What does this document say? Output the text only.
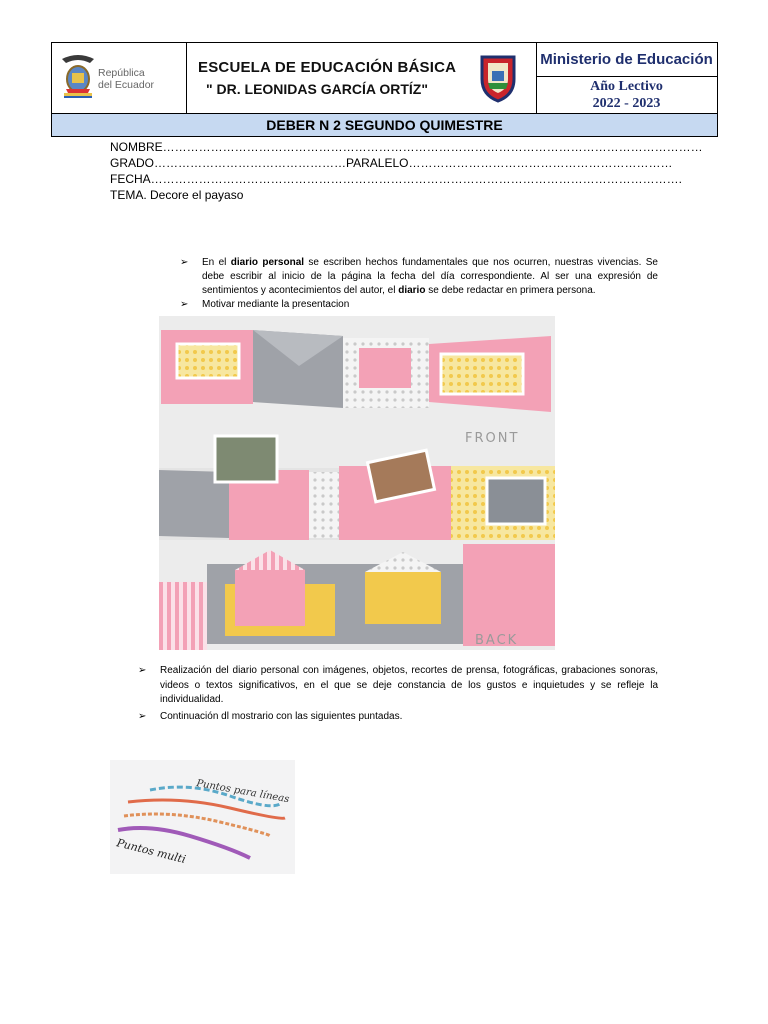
República
del Ecuador
ESCUELA DE EDUCACIÓN BÁSICA
" DR. LEONIDAS GARCÍA ORTÍZ"
Ministerio de Educación
Año Lectivo
2022 - 2023
DEBER N 2 SEGUNDO QUIMESTRE
NOMBRE………………………………………………………………………………………………………………………
GRADO…………………………………………PARALELO…………………………………………………………
FECHA…………………………………………………………………………………………………………………….
TEMA. Decore el payaso

➢ En el diario personal se escriben hechos fundamentales que nos ocurren, nuestras vivencias. Se debe escribir al inicio de la página la fecha del día correspondiente. Al ser una expresión de sentimientos y acontecimientos del autor, el diario se debe redactar en primera persona.

➢ Motivar mediante la presentacion

FRONT
BACK

➢ Realización del diario personal con imágenes, objetos, recortes de prensa, fotográficas, grabaciones sonoras, videos o textos significativos, en el que se deje constancia de los gustos e inquietudes y se refleje la individualidad.

➢ Continuación dl mostrario con las siguientes puntadas.

Puntos para líneas
Puntos multi
